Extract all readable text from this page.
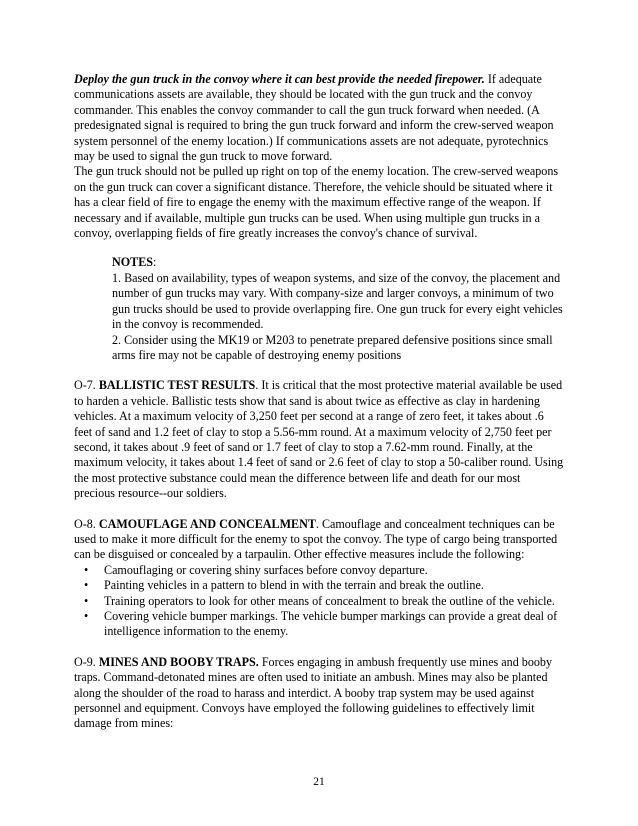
Deploy the gun truck in the convoy where it can best provide the needed firepower. If adequate communications assets are available, they should be located with the gun truck and the convoy commander. This enables the convoy commander to call the gun truck forward when needed. (A predesignated signal is required to bring the gun truck forward and inform the crew-served weapon system personnel of the enemy location.) If communications assets are not adequate, pyrotechnics may be used to signal the gun truck to move forward.

The gun truck should not be pulled up right on top of the enemy location. The crew-served weapons on the gun truck can cover a significant distance. Therefore, the vehicle should be situated where it has a clear field of fire to engage the enemy with the maximum effective range of the weapon. If necessary and if available, multiple gun trucks can be used. When using multiple gun trucks in a convoy, overlapping fields of fire greatly increases the convoy's chance of survival.

NOTES:

1. Based on availability, types of weapon systems, and size of the convoy, the placement and number of gun trucks may vary. With company-size and larger convoys, a minimum of two gun trucks should be used to provide overlapping fire. One gun truck for every eight vehicles in the convoy is recommended.

2. Consider using the MK19 or M203 to penetrate prepared defensive positions since small arms fire may not be capable of destroying enemy positions

O-7. BALLISTIC TEST RESULTS. It is critical that the most protective material available be used to harden a vehicle. Ballistic tests show that sand is about twice as effective as clay in hardening vehicles. At a maximum velocity of 3,250 feet per second at a range of zero feet, it takes about .6 feet of sand and 1.2 feet of clay to stop a 5.56-mm round. At a maximum velocity of 2,750 feet per second, it takes about .9 feet of sand or 1.7 feet of clay to stop a 7.62-mm round. Finally, at the maximum velocity, it takes about 1.4 feet of sand or 2.6 feet of clay to stop a 50-caliber round. Using the most protective substance could mean the difference between life and death for our most precious resource--our soldiers.

O-8. CAMOUFLAGE AND CONCEALMENT. Camouflage and concealment techniques can be used to make it more difficult for the enemy to spot the convoy. The type of cargo being transported can be disguised or concealed by a tarpaulin. Other effective measures include the following:

• Camouflaging or covering shiny surfaces before convoy departure.
• Painting vehicles in a pattern to blend in with the terrain and break the outline.
• Training operators to look for other means of concealment to break the outline of the vehicle.
• Covering vehicle bumper markings. The vehicle bumper markings can provide a great deal of intelligence information to the enemy.

O-9. MINES AND BOOBY TRAPS. Forces engaging in ambush frequently use mines and booby traps. Command-detonated mines are often used to initiate an ambush. Mines may also be planted along the shoulder of the road to harass and interdict. A booby trap system may be used against personnel and equipment. Convoys have employed the following guidelines to effectively limit damage from mines:

21
